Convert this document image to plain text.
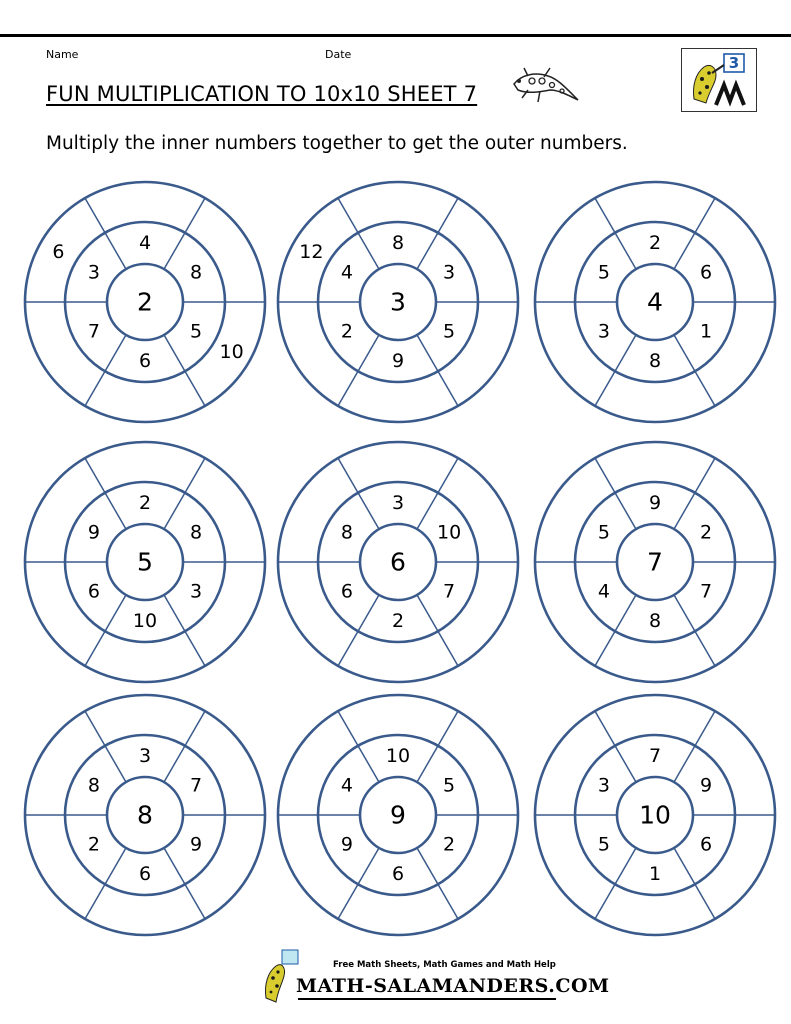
Name	Date
FUN MULTIPLICATION TO 10x10 SHEET 7
3
Multiply the inner numbers together to get the outer numbers.
2
4
8
5
6
7
3
10
6
3
8
3
5
9
2
4
12
4
2
6
1
8
3
5
5
2
8
3
10
6
9
6
3
10
7
2
6
8
7
9
2
7
8
4
5
8
3
7
9
6
2
8
9
10
5
2
6
9
4
10
7
9
6
1
5
3
Free Math Sheets, Math Games and Math Help
MATH-SALAMANDERS.COM
